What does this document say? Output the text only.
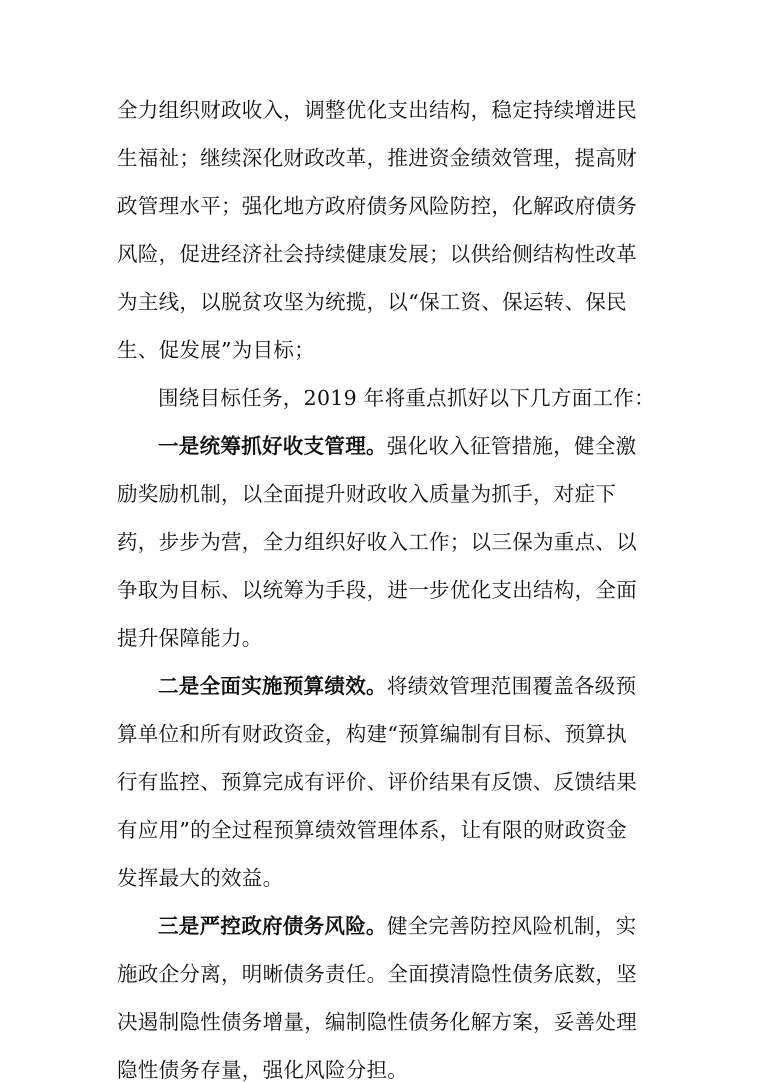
全力组织财政收入，调整优化支出结构，稳定持续增进民
生福祉；继续深化财政改革，推进资金绩效管理，提高财
政管理水平；强化地方政府债务风险防控，化解政府债务
风险，促进经济社会持续健康发展；以供给侧结构性改革
为主线，以脱贫攻坚为统揽，以“保工资、保运转、保民
生、促发展”为目标；
围绕目标任务，2019 年将重点抓好以下几方面工作：
一是统筹抓好收支管理。强化收入征管措施，健全激
励奖励机制，以全面提升财政收入质量为抓手，对症下
药，步步为营，全力组织好收入工作；以三保为重点、以
争取为目标、以统筹为手段，进一步优化支出结构，全面
提升保障能力。
二是全面实施预算绩效。将绩效管理范围覆盖各级预
算单位和所有财政资金，构建“预算编制有目标、预算执
行有监控、预算完成有评价、评价结果有反馈、反馈结果
有应用”的全过程预算绩效管理体系，让有限的财政资金
发挥最大的效益。
三是严控政府债务风险。健全完善防控风险机制，实
施政企分离，明晰债务责任。全面摸清隐性债务底数，坚
决遏制隐性债务增量，编制隐性债务化解方案，妥善处理
隐性债务存量，强化风险分担。
